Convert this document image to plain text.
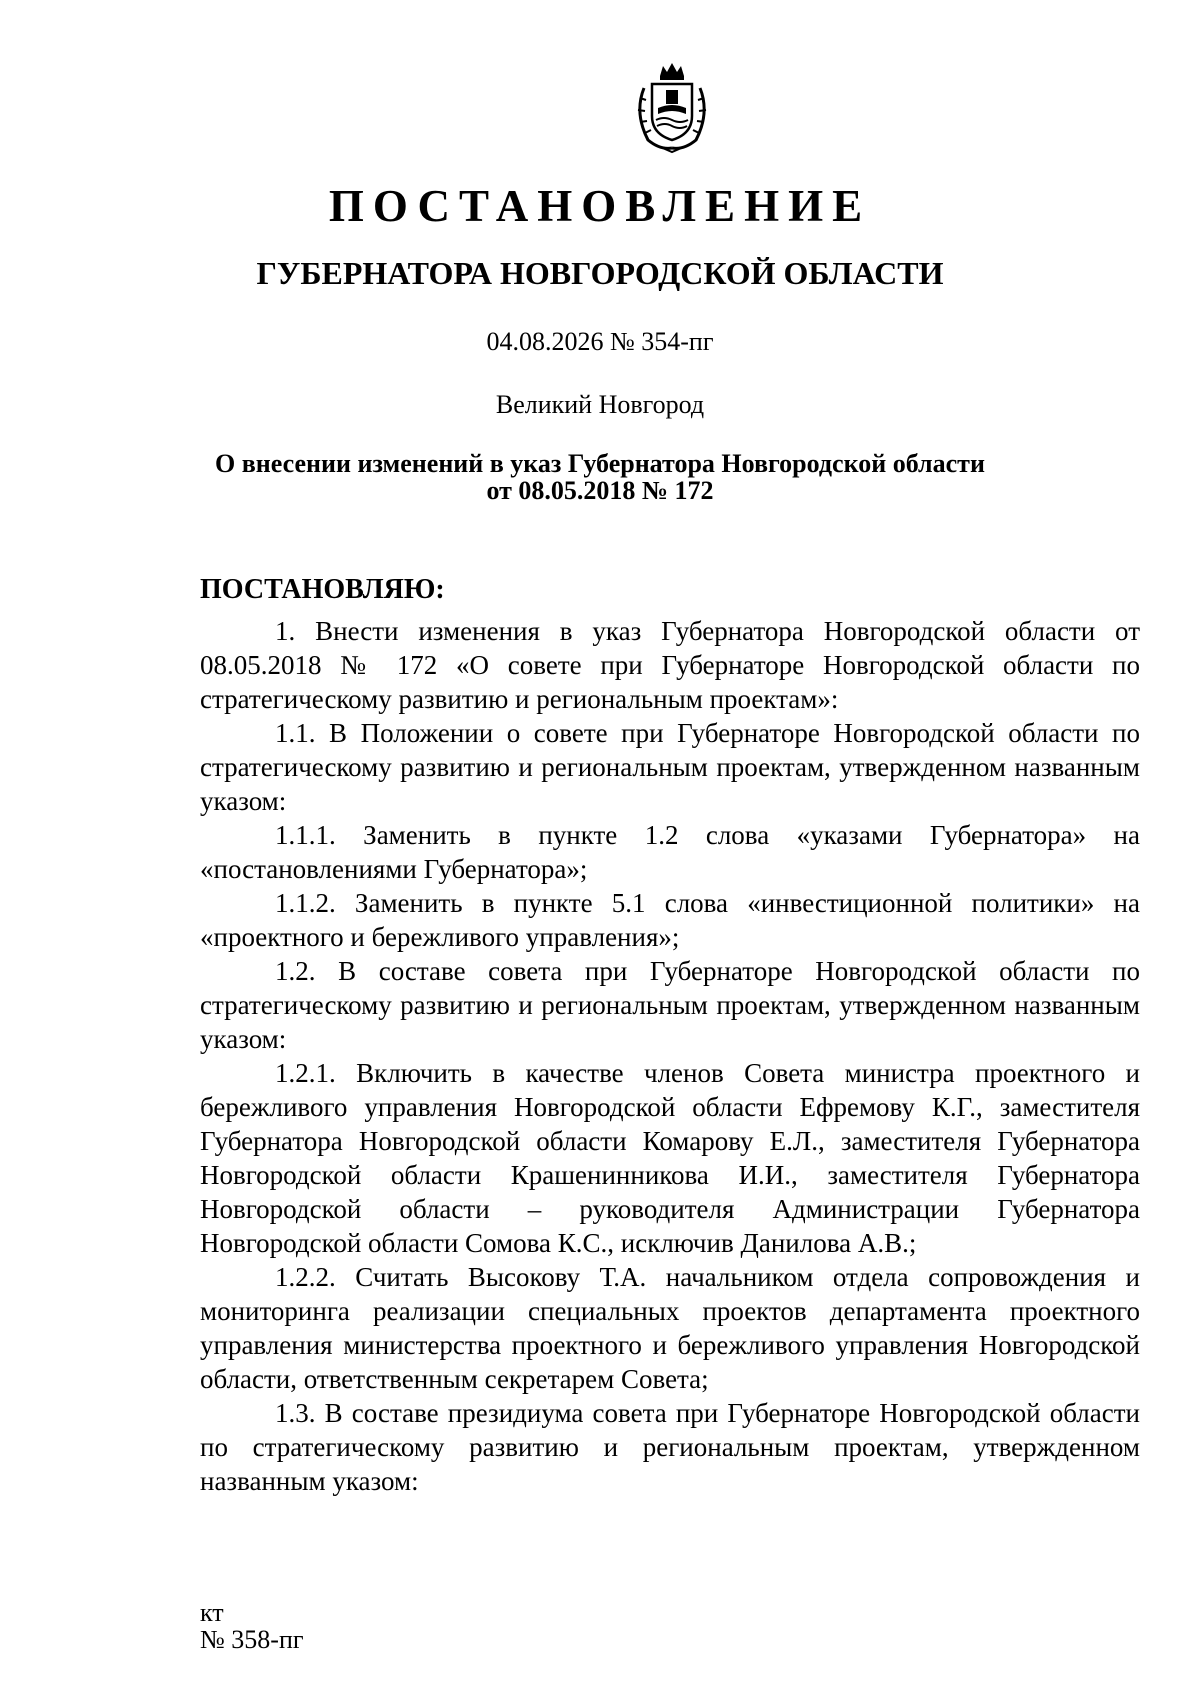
ПОСТАНОВЛЕНИЕ
ГУБЕРНАТОРА НОВГОРОДСКОЙ ОБЛАСТИ
04.08.2026 № 354-пг
Великий Новгород
О внесении изменений в указ Губернатора Новгородской области
от 08.05.2018 № 172
ПОСТАНОВЛЯЮ:

1. Внести изменения в указ Губернатора Новгородской области от 08.05.2018 № 172 «О совете при Губернаторе Новгородской области по стратегическому развитию и региональным проектам»:

1.1. В Положении о совете при Губернаторе Новгородской области по стратегическому развитию и региональным проектам, утвержденном названным указом:

1.1.1. Заменить в пункте 1.2 слова «указами Губернатора» на «постановлениями Губернатора»;

1.1.2. Заменить в пункте 5.1 слова «инвестиционной политики» на «проектного и бережливого управления»;

1.2. В составе совета при Губернаторе Новгородской области по стратегическому развитию и региональным проектам, утвержденном названным указом:

1.2.1. Включить в качестве членов Совета министра проектного и бережливого управления Новгородской области Ефремову К.Г., заместителя Губернатора Новгородской области Комарову Е.Л., заместителя Губернатора Новгородской области Крашенинникова И.И., заместителя Губернатора Новгородской области – руководителя Администрации Губернатора Новгородской области Сомова К.С., исключив Данилова А.В.;

1.2.2. Считать Высокову Т.А. начальником отдела сопровождения и мониторинга реализации специальных проектов департамента проектного управления министерства проектного и бережливого управления Новгородской области, ответственным секретарем Совета;

1.3. В составе президиума совета при Губернаторе Новгородской области по стратегическому развитию и региональным проектам, утвержденном названным указом:

кт
№ 358-пг
